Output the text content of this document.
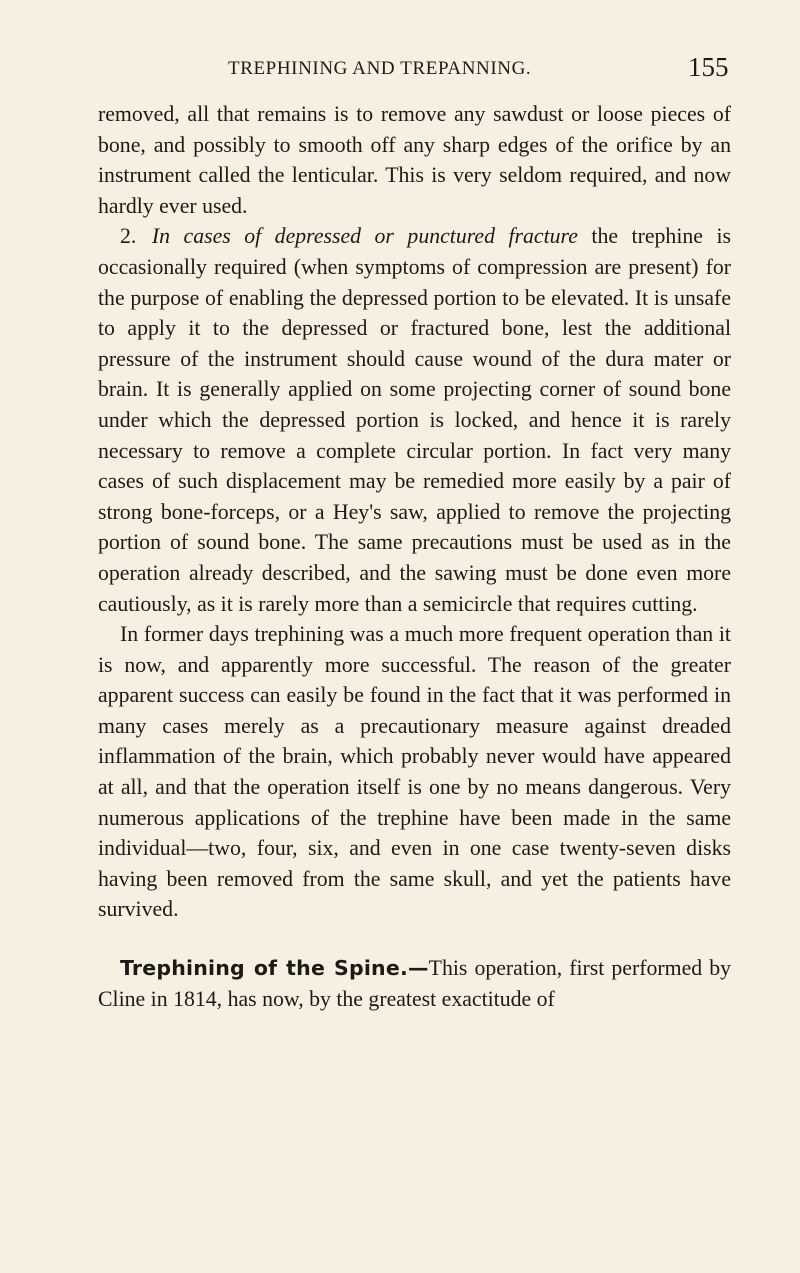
TREPHINING AND TREPANNING.	155

removed, all that remains is to remove any sawdust or loose pieces of bone, and possibly to smooth off any sharp edges of the orifice by an instrument called the lenticular. This is very seldom required, and now hardly ever used.

2. In cases of depressed or punctured fracture the trephine is occasionally required (when symptoms of compression are present) for the purpose of enabling the depressed portion to be elevated. It is unsafe to apply it to the depressed or fractured bone, lest the additional pressure of the instrument should cause wound of the dura mater or brain. It is generally applied on some projecting corner of sound bone under which the depressed portion is locked, and hence it is rarely necessary to remove a complete circular portion. In fact very many cases of such displacement may be remedied more easily by a pair of strong bone-forceps, or a Hey's saw, applied to remove the projecting portion of sound bone. The same precautions must be used as in the operation already described, and the sawing must be done even more cautiously, as it is rarely more than a semicircle that requires cutting.

In former days trephining was a much more frequent operation than it is now, and apparently more successful. The reason of the greater apparent success can easily be found in the fact that it was performed in many cases merely as a precautionary measure against dreaded inflammation of the brain, which probably never would have appeared at all, and that the operation itself is one by no means dangerous. Very numerous applications of the trephine have been made in the same individual—two, four, six, and even in one case twenty-seven disks having been removed from the same skull, and yet the patients have survived.

Trephining of the Spine.—This operation, first performed by Cline in 1814, has now, by the greatest exactitude of
